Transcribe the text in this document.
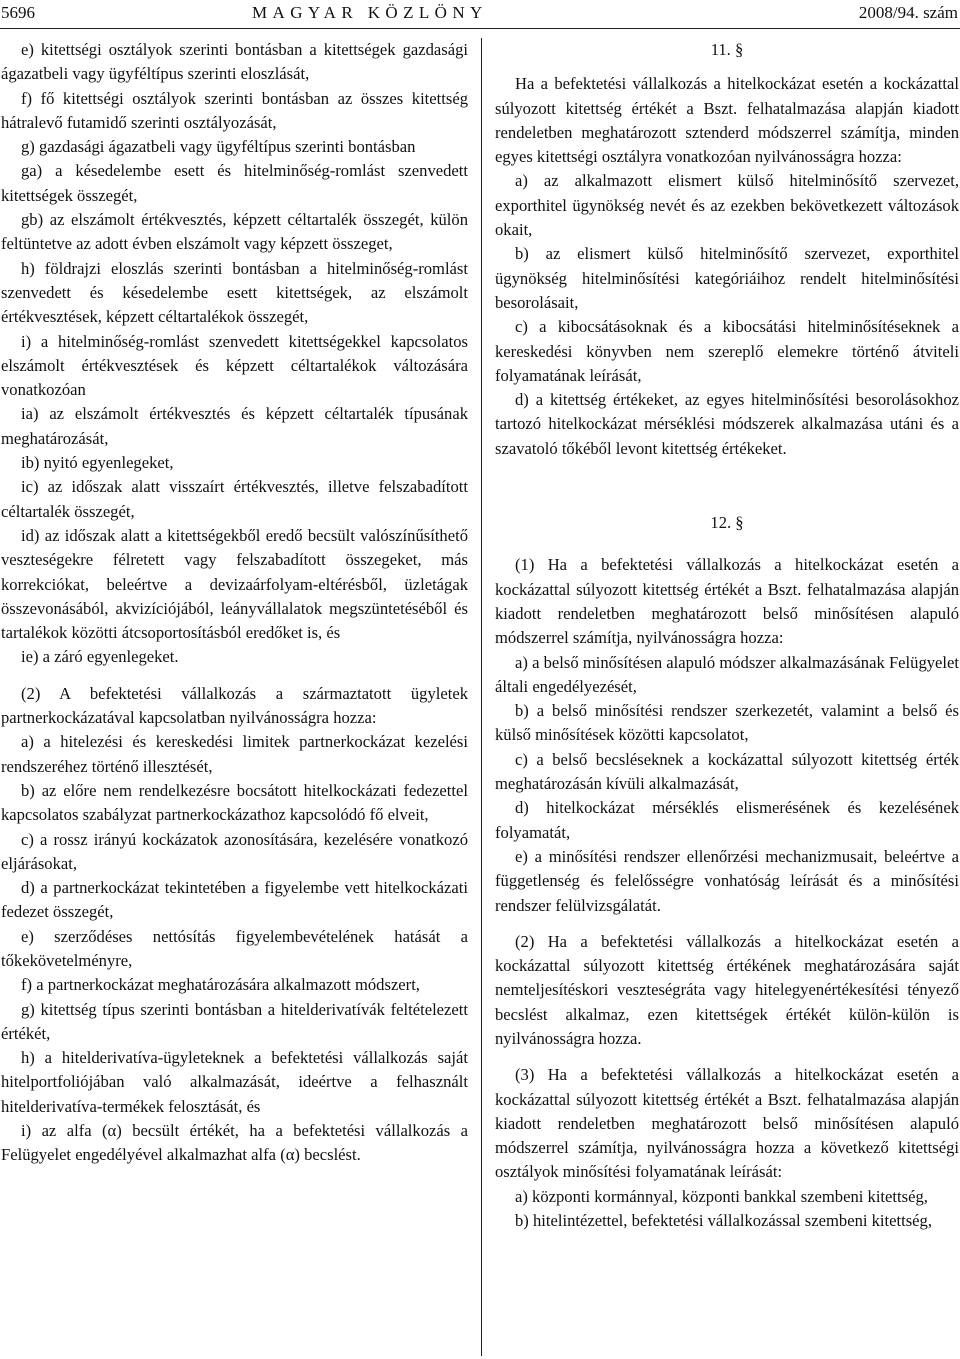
5696	MAGYAR KÖZLÖNY	2008/94. szám

e) kitettségi osztályok szerinti bontásban a kitettségek gazdasági ágazatbeli vagy ügyféltípus szerinti eloszlását,

f) fő kitettségi osztályok szerinti bontásban az összes kitettség hátralevő futamidő szerinti osztályozását,

g) gazdasági ágazatbeli vagy ügyféltípus szerinti bontásban

ga) a késedelembe esett és hitelminőség-romlást szenvedett kitettségek összegét,

gb) az elszámolt értékvesztés, képzett céltartalék összegét, külön feltüntetve az adott évben elszámolt vagy képzett összeget,

h) földrajzi eloszlás szerinti bontásban a hitelminőség-romlást szenvedett és késedelembe esett kitettségek, az elszámolt értékvesztések, képzett céltartalékok összegét,

i) a hitelminőség-romlást szenvedett kitettségekkel kapcsolatos elszámolt értékvesztések és képzett céltartalékok változására vonatkozóan

ia) az elszámolt értékvesztés és képzett céltartalék típusának meghatározását,

ib) nyitó egyenlegeket,

ic) az időszak alatt visszaírt értékvesztés, illetve felszabadított céltartalék összegét,

id) az időszak alatt a kitettségekből eredő becsült valószínűsíthető veszteségekre félretett vagy felszabadított összegeket, más korrekciókat, beleértve a devizaárfolyam-eltérésből, üzletágak összevonásából, akvizíciójából, leányvállalatok megszüntetéséből és tartalékok közötti átcsoportosításból eredőket is, és

ie) a záró egyenlegeket.

(2) A befektetési vállalkozás a származtatott ügyletek partnerkockázatával kapcsolatban nyilvánosságra hozza:

a) a hitelezési és kereskedési limitek partnerkockázat kezelési rendszeréhez történő illesztését,

b) az előre nem rendelkezésre bocsátott hitelkockázati fedezettel kapcsolatos szabályzat partnerkockázathoz kapcsolódó fő elveit,

c) a rossz irányú kockázatok azonosítására, kezelésére vonatkozó eljárásokat,

d) a partnerkockázat tekintetében a figyelembe vett hitelkockázati fedezet összegét,

e) szerződéses nettósítás figyelembevételének hatását a tőkekövetelményre,

f) a partnerkockázat meghatározására alkalmazott módszert,

g) kitettség típus szerinti bontásban a hitelderivatívák feltételezett értékét,

h) a hitelderivatíva-ügyleteknek a befektetési vállalkozás saját hitelportfoliójában való alkalmazását, ideértve a felhasznált hitelderivatíva-termékek felosztását, és

i) az alfa (α) becsült értékét, ha a befektetési vállalkozás a Felügyelet engedélyével alkalmazhat alfa (α) becslést.

11. §

Ha a befektetési vállalkozás a hitelkockázat esetén a kockázattal súlyozott kitettség értékét a Bszt. felhatalmazása alapján kiadott rendeletben meghatározott sztenderd módszerrel számítja, minden egyes kitettségi osztályra vonatkozóan nyilvánosságra hozza:

a) az alkalmazott elismert külső hitelminősítő szervezet, exporthitel ügynökség nevét és az ezekben bekövetkezett változások okait,

b) az elismert külső hitelminősítő szervezet, exporthitel ügynökség hitelminősítési kategóriáihoz rendelt hitelminősítési besorolásait,

c) a kibocsátásoknak és a kibocsátási hitelminősítéseknek a kereskedési könyvben nem szereplő elemekre történő átviteli folyamatának leírását,

d) a kitettség értékeket, az egyes hitelminősítési besorolásokhoz tartozó hitelkockázat mérséklési módszerek alkalmazása utáni és a szavatoló tőkéből levont kitettség értékeket.

12. §

(1) Ha a befektetési vállalkozás a hitelkockázat esetén a kockázattal súlyozott kitettség értékét a Bszt. felhatalmazása alapján kiadott rendeletben meghatározott belső minősítésen alapuló módszerrel számítja, nyilvánosságra hozza:

a) a belső minősítésen alapuló módszer alkalmazásának Felügyelet általi engedélyezését,

b) a belső minősítési rendszer szerkezetét, valamint a belső és külső minősítések közötti kapcsolatot,

c) a belső becsléseknek a kockázattal súlyozott kitettség érték meghatározásán kívüli alkalmazását,

d) hitelkockázat mérséklés elismerésének és kezelésének folyamatát,

e) a minősítési rendszer ellenőrzési mechanizmusait, beleértve a függetlenség és felelősségre vonhatóság leírását és a minősítési rendszer felülvizsgálatát.

(2) Ha a befektetési vállalkozás a hitelkockázat esetén a kockázattal súlyozott kitettség értékének meghatározására saját nemteljesítéskori veszteségráta vagy hitelegyenértékesítési tényező becslést alkalmaz, ezen kitettségek értékét külön-külön is nyilvánosságra hozza.

(3) Ha a befektetési vállalkozás a hitelkockázat esetén a kockázattal súlyozott kitettség értékét a Bszt. felhatalmazása alapján kiadott rendeletben meghatározott belső minősítésen alapuló módszerrel számítja, nyilvánosságra hozza a következő kitettségi osztályok minősítési folyamatának leírását:

a) központi kormánnyal, központi bankkal szembeni kitettség,

b) hitelintézettel, befektetési vállalkozással szembeni kitettség,
